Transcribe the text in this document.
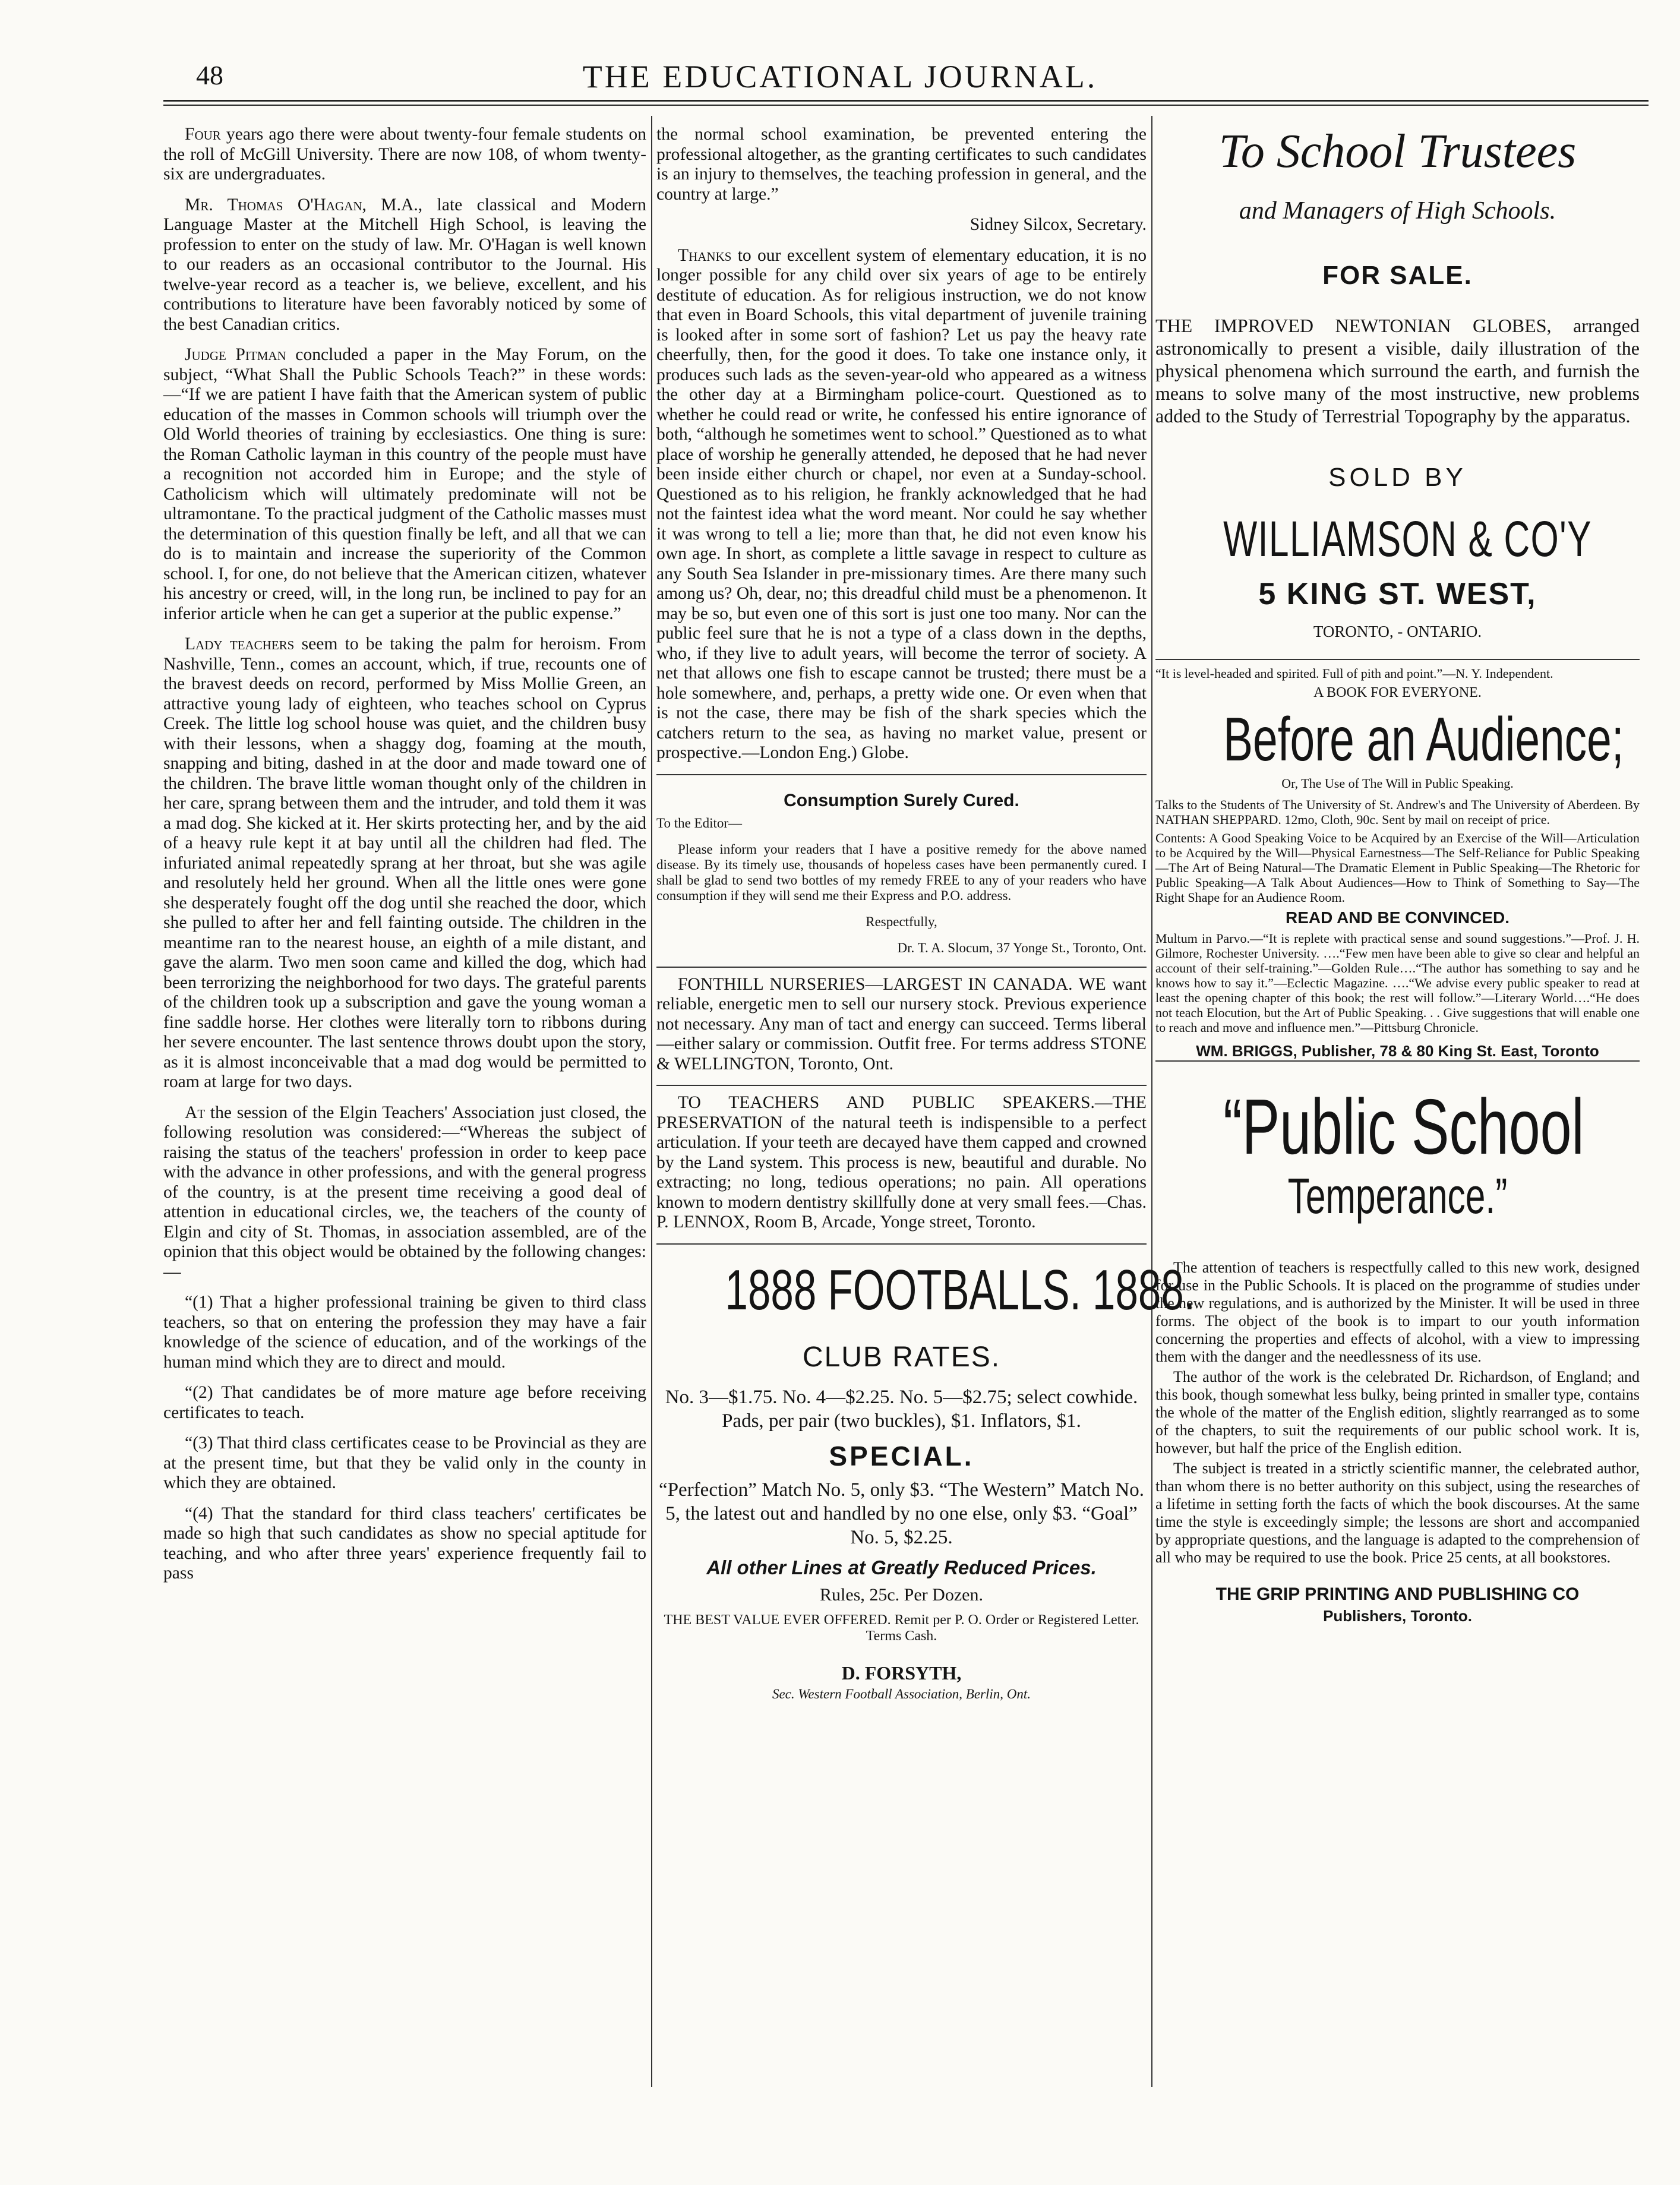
48	THE EDUCATIONAL JOURNAL.

Four years ago there were about twenty-four female students on the roll of McGill University. There are now 108, of whom twenty-six are undergraduates.

Mr. Thomas O'Hagan, M.A., late classical and Modern Language Master at the Mitchell High School, is leaving the profession to enter on the study of law. Mr. O'Hagan is well known to our readers as an occasional contributor to the Journal. His twelve-year record as a teacher is, we believe, excellent, and his contributions to literature have been favorably noticed by some of the best Canadian critics.

Judge Pitman concluded a paper in the May Forum, on the subject, “What Shall the Public Schools Teach?” in these words:—“If we are patient I have faith that the American system of public education of the masses in Common schools will triumph over the Old World theories of training by ecclesiastics. One thing is sure: the Roman Catholic layman in this country of the people must have a recognition not accorded him in Europe; and the style of Catholicism which will ultimately predominate will not be ultramontane. To the practical judgment of the Catholic masses must the determination of this question finally be left, and all that we can do is to maintain and increase the superiority of the Common school. I, for one, do not believe that the American citizen, whatever his ancestry or creed, will, in the long run, be inclined to pay for an inferior article when he can get a superior at the public expense.”

Lady teachers seem to be taking the palm for heroism. From Nashville, Tenn., comes an account, which, if true, recounts one of the bravest deeds on record, performed by Miss Mollie Green, an attractive young lady of eighteen, who teaches school on Cyprus Creek. The little log school house was quiet, and the children busy with their lessons, when a shaggy dog, foaming at the mouth, snapping and biting, dashed in at the door and made toward one of the children. The brave little woman thought only of the children in her care, sprang between them and the intruder, and told them it was a mad dog. She kicked at it. Her skirts protecting her, and by the aid of a heavy rule kept it at bay until all the children had fled. The infuriated animal repeatedly sprang at her throat, but she was agile and resolutely held her ground. When all the little ones were gone she desperately fought off the dog until she reached the door, which she pulled to after her and fell fainting outside. The children in the meantime ran to the nearest house, an eighth of a mile distant, and gave the alarm. Two men soon came and killed the dog, which had been terrorizing the neighborhood for two days. The grateful parents of the children took up a subscription and gave the young woman a fine saddle horse. Her clothes were literally torn to ribbons during her severe encounter. The last sentence throws doubt upon the story, as it is almost inconceivable that a mad dog would be permitted to roam at large for two days.

At the session of the Elgin Teachers' Association just closed, the following resolution was considered:—“Whereas the subject of raising the status of the teachers' profession in order to keep pace with the advance in other professions, and with the general progress of the country, is at the present time receiving a good deal of attention in educational circles, we, the teachers of the county of Elgin and city of St. Thomas, in association assembled, are of the opinion that this object would be obtained by the following changes:—

“(1) That a higher professional training be given to third class teachers, so that on entering the profession they may have a fair knowledge of the science of education, and of the workings of the human mind which they are to direct and mould.

“(2) That candidates be of more mature age before receiving certificates to teach.

“(3) That third class certificates cease to be Provincial as they are at the present time, but that they be valid only in the county in which they are obtained.

“(4) That the standard for third class teachers' certificates be made so high that such candidates as show no special aptitude for teaching, and who after three years' experience frequently fail to pass

the normal school examination, be prevented entering the professional altogether, as the granting certificates to such candidates is an injury to themselves, the teaching profession in general, and the country at large.”

Sidney Silcox, Secretary.

Thanks to our excellent system of elementary education, it is no longer possible for any child over six years of age to be entirely destitute of education. As for religious instruction, we do not know that even in Board Schools, this vital department of juvenile training is looked after in some sort of fashion? Let us pay the heavy rate cheerfully, then, for the good it does. To take one instance only, it produces such lads as the seven-year-old who appeared as a witness the other day at a Birmingham police-court. Questioned as to whether he could read or write, he confessed his entire ignorance of both, “although he sometimes went to school.” Questioned as to what place of worship he generally attended, he deposed that he had never been inside either church or chapel, nor even at a Sunday-school. Questioned as to his religion, he frankly acknowledged that he had not the faintest idea what the word meant. Nor could he say whether it was wrong to tell a lie; more than that, he did not even know his own age. In short, as complete a little savage in respect to culture as any South Sea Islander in pre-missionary times. Are there many such among us? Oh, dear, no; this dreadful child must be a phenomenon. It may be so, but even one of this sort is just one too many. Nor can the public feel sure that he is not a type of a class down in the depths, who, if they live to adult years, will become the terror of society. A net that allows one fish to escape cannot be trusted; there must be a hole somewhere, and, perhaps, a pretty wide one. Or even when that is not the case, there may be fish of the shark species which the catchers return to the sea, as having no market value, present or prospective.—London Eng.) Globe.

Consumption Surely Cured.

To the Editor—

Please inform your readers that I have a positive remedy for the above named disease. By its timely use, thousands of hopeless cases have been permanently cured. I shall be glad to send two bottles of my remedy FREE to any of your readers who have consumption if they will send me their Express and P.O. address.

Respectfully,

Dr. T. A. Slocum, 37 Yonge St., Toronto, Ont.

FONTHILL NURSERIES—LARGEST IN CANADA. WE want reliable, energetic men to sell our nursery stock. Previous experience not necessary. Any man of tact and energy can succeed. Terms liberal—either salary or commission. Outfit free. For terms address STONE & WELLINGTON, Toronto, Ont.

TO TEACHERS AND PUBLIC SPEAKERS.—THE PRESERVATION of the natural teeth is indispensible to a perfect articulation. If your teeth are decayed have them capped and crowned by the Land system. This process is new, beautiful and durable. No extracting; no long, tedious operations; no pain. All operations known to modern dentistry skillfully done at very small fees.—Chas. P. LENNOX, Room B, Arcade, Yonge street, Toronto.

1888 FOOTBALLS. 1888.
CLUB RATES.
No. 3—$1.75. No. 4—$2.25. No. 5—$2.75; select cowhide. Pads, per pair (two buckles), $1. Inflators, $1.
SPECIAL.
“Perfection” Match No. 5, only $3. “The Western” Match No. 5, the latest out and handled by no one else, only $3. “Goal” No. 5, $2.25.
All other Lines at Greatly Reduced Prices.
Rules, 25c. Per Dozen.
THE BEST VALUE EVER OFFERED. Remit per P. O. Order or Registered Letter. Terms Cash.
D. FORSYTH,
Sec. Western Football Association, Berlin, Ont.
To School Trustees
and Managers of High Schools.
FOR SALE.
THE IMPROVED NEWTONIAN GLOBES, arranged astronomically to present a visible, daily illustration of the physical phenomena which surround the earth, and furnish the means to solve many of the most instructive, new problems added to the Study of Terrestrial Topography by the apparatus.
SOLD BY
WILLIAMSON & CO'Y
5 KING ST. WEST,
TORONTO, - ONTARIO.
“It is level-headed and spirited. Full of pith and point.”—N. Y. Independent.
A BOOK FOR EVERYONE.
Before an Audience;
Or, The Use of The Will in Public Speaking.
Talks to the Students of The University of St. Andrew's and The University of Aberdeen. By NATHAN SHEPPARD. 12mo, Cloth, 90c. Sent by mail on receipt of price.
Contents: A Good Speaking Voice to be Acquired by an Exercise of the Will—Articulation to be Acquired by the Will—Physical Earnestness—The Self-Reliance for Public Speaking—The Art of Being Natural—The Dramatic Element in Public Speaking—The Rhetoric for Public Speaking—A Talk About Audiences—How to Think of Something to Say—The Right Shape for an Audience Room.
READ AND BE CONVINCED.
Multum in Parvo.—“It is replete with practical sense and sound suggestions.”—Prof. J. H. Gilmore, Rochester University. ….“Few men have been able to give so clear and helpful an account of their self-training.”—Golden Rule….“The author has something to say and he knows how to say it.”—Eclectic Magazine. ….“We advise every public speaker to read at least the opening chapter of this book; the rest will follow.”—Literary World….“He does not teach Elocution, but the Art of Public Speaking. . . Give suggestions that will enable one to reach and move and influence men.”—Pittsburg Chronicle.
WM. BRIGGS, Publisher, 78 & 80 King St. East, Toronto
“Public School
Temperance.”
The attention of teachers is respectfully called to this new work, designed for use in the Public Schools. It is placed on the programme of studies under the new regulations, and is authorized by the Minister. It will be used in three forms. The object of the book is to impart to our youth information concerning the properties and effects of alcohol, with a view to impressing them with the danger and the needlessness of its use.
The author of the work is the celebrated Dr. Richardson, of England; and this book, though somewhat less bulky, being printed in smaller type, contains the whole of the matter of the English edition, slightly rearranged as to some of the chapters, to suit the requirements of our public school work. It is, however, but half the price of the English edition.
The subject is treated in a strictly scientific manner, the celebrated author, than whom there is no better authority on this subject, using the researches of a lifetime in setting forth the facts of which the book discourses. At the same time the style is exceedingly simple; the lessons are short and accompanied by appropriate questions, and the language is adapted to the comprehension of all who may be required to use the book. Price 25 cents, at all bookstores.
THE GRIP PRINTING AND PUBLISHING CO
Publishers, Toronto.
